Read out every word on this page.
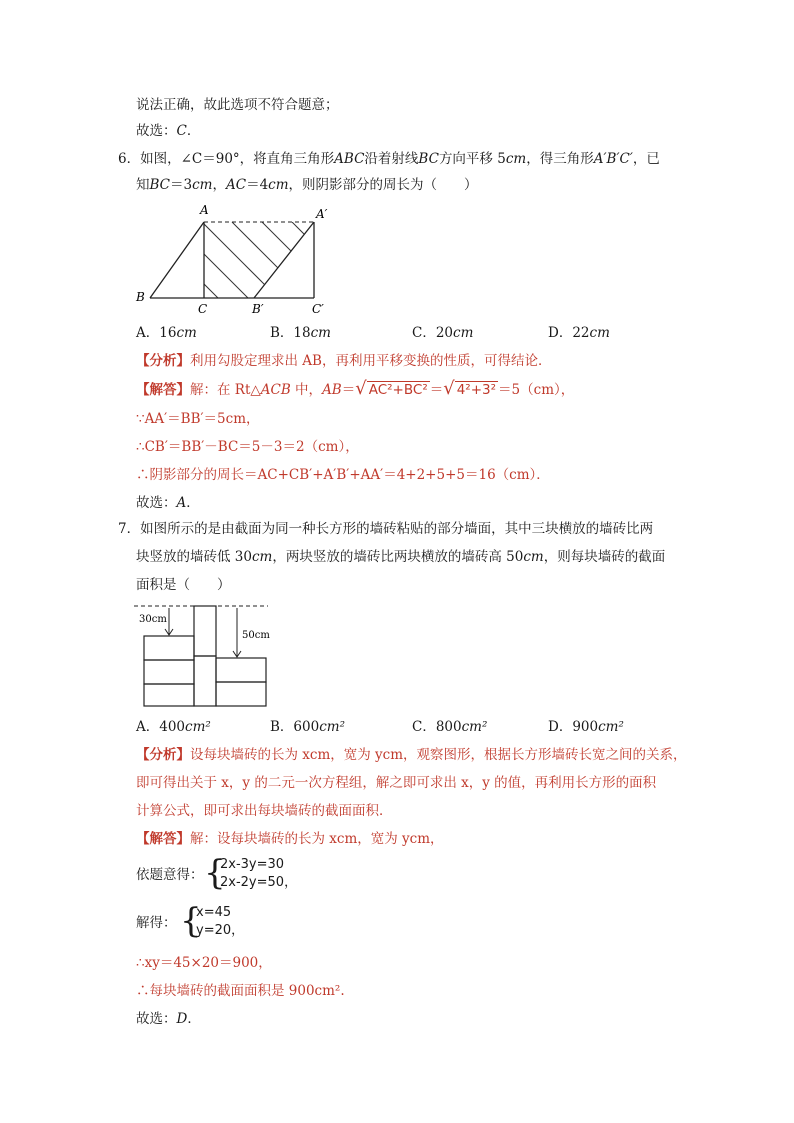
说法正确，故此选项不符合题意；
故选：C．
6．如图，∠C＝90°，将直角三角形ABC沿着射线BC方向平移 5cm，得三角形A′B′C′，已
知BC＝3cm，AC＝4cm，则阴影部分的周长为（　　）
A	A′
B
C	B′	C′
A．16cm	B．18cm	C．20cm	D．22cm
【分析】利用勾股定理求出 AB，再利用平移变换的性质，可得结论．
【解答】解：在 Rt△ACB 中，AB＝√ AC²+BC² ＝√ 4²+3² ＝5（cm），
∵AA′＝BB′＝5cm，
∴CB′＝BB′－BC＝5－3＝2（cm），
∴阴影部分的周长＝AC+CB′+A′B′+AA′＝4+2+5+5＝16（cm）．
故选：A．
7．如图所示的是由截面为同一种长方形的墙砖粘贴的部分墙面，其中三块横放的墙砖比两
块竖放的墙砖低 30cm，两块竖放的墙砖比两块横放的墙砖高 50cm，则每块墙砖的截面
面积是（　　）
30cm
50cm
A．400cm²	B．600cm²	C．800cm²	D．900cm²
【分析】设每块墙砖的长为 xcm，宽为 ycm，观察图形，根据长方形墙砖长宽之间的关系，
即可得出关于 x，y 的二元一次方程组，解之即可求出 x，y 的值，再利用长方形的面积
计算公式，即可求出每块墙砖的截面面积．
【解答】解：设每块墙砖的长为 xcm，宽为 ycm，
依题意得： {
2x-3y=30
2x-2y=50，
解得： {
x=45
y=20，
∴xy＝45×20＝900，
∴每块墙砖的截面面积是 900cm².
故选：D．
